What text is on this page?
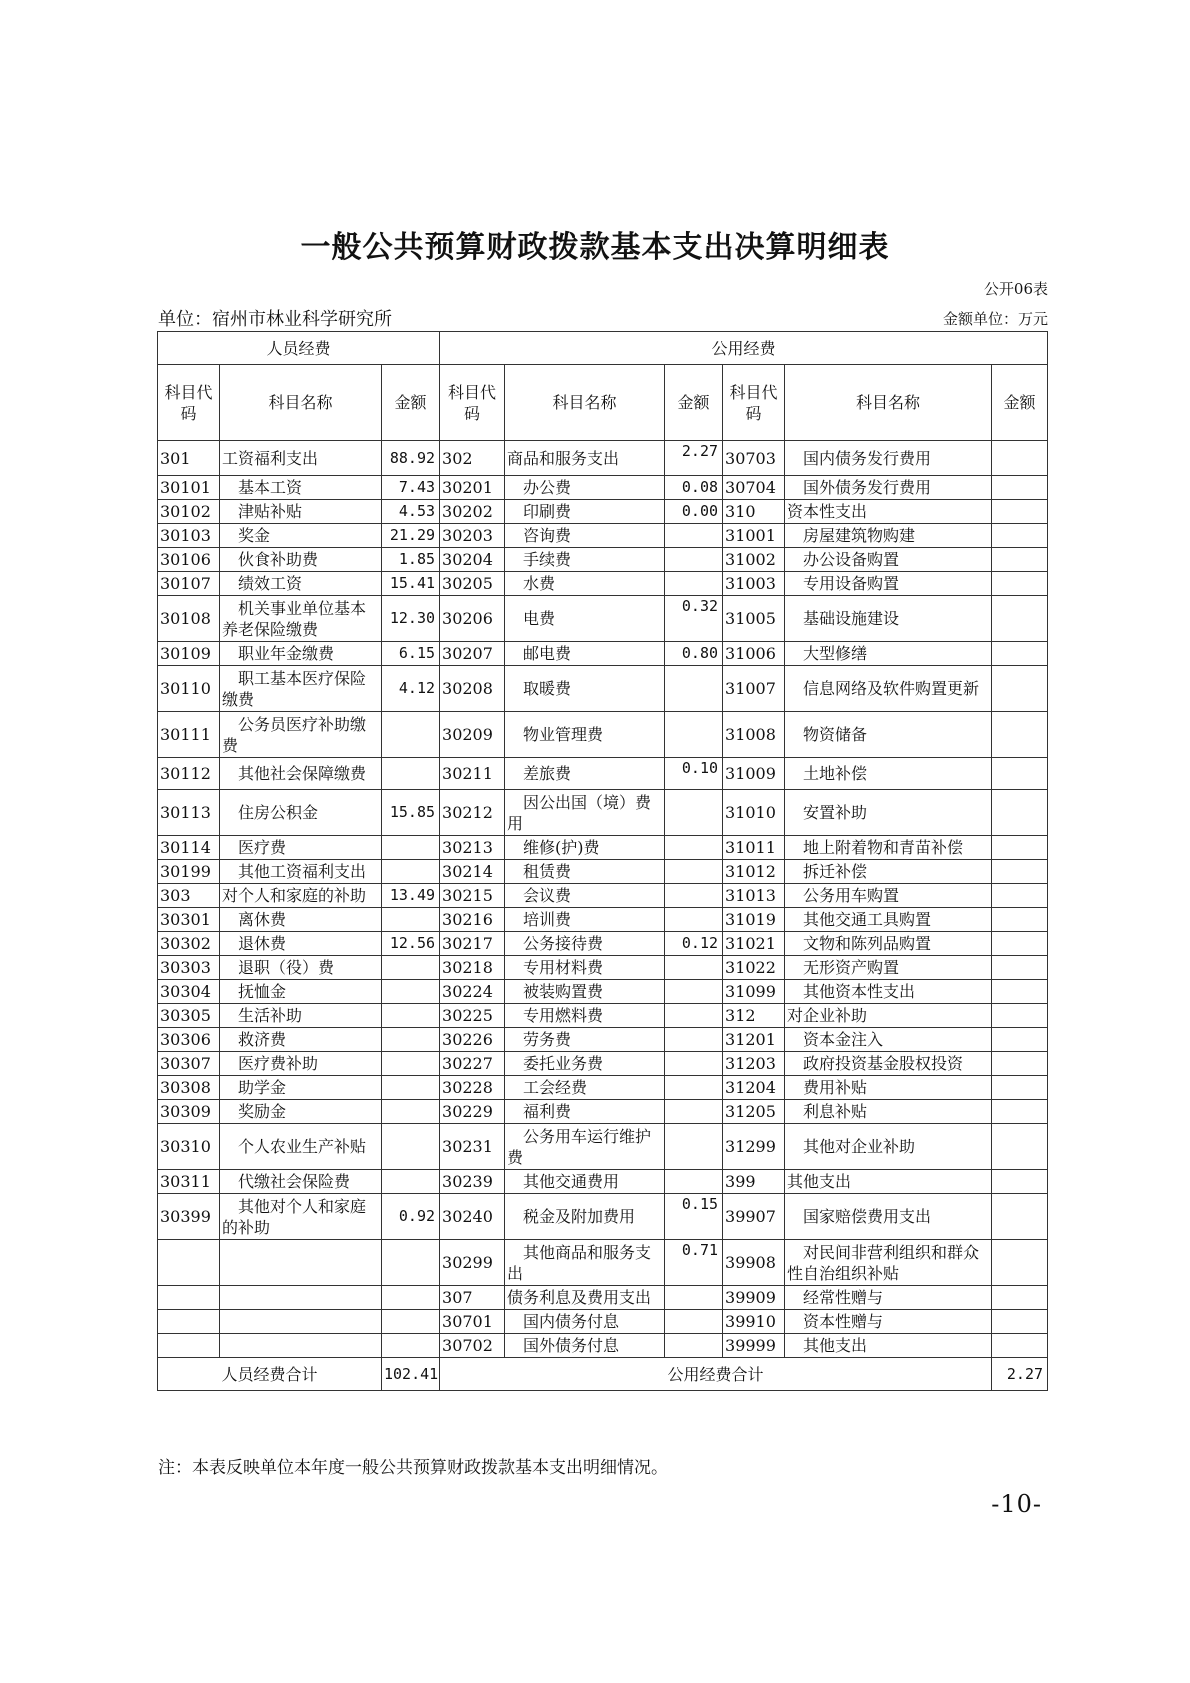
一般公共预算财政拨款基本支出决算明细表
公开06表
单位：宿州市林业科学研究所	金额单位：万元
人员经费			公用经费					
科目代码	科目名称	金额	科目代码	科目名称	金额	科目代码	科目名称	金额
301	工资福利支出	88.92	302	商品和服务支出	2.27	30703	国内债务发行费用	
30101	基本工资	7.43	30201	办公费	0.08	30704	国外债务发行费用	
30102	津贴补贴	4.53	30202	印刷费	0.00	310	资本性支出	
30103	奖金	21.29	30203	咨询费		31001	房屋建筑物购建	
30106	伙食补助费	1.85	30204	手续费		31002	办公设备购置	
30107	绩效工资	15.41	30205	水费		31003	专用设备购置	
30108	机关事业单位基本养老保险缴费	12.30	30206	电费	0.32	31005	基础设施建设	
30109	职业年金缴费	6.15	30207	邮电费	0.80	31006	大型修缮	
30110	职工基本医疗保险缴费	4.12	30208	取暖费		31007	信息网络及软件购置更新	
30111	公务员医疗补助缴费		30209	物业管理费		31008	物资储备	
30112	其他社会保障缴费		30211	差旅费	0.10	31009	土地补偿	
30113	住房公积金	15.85	30212	因公出国（境）费用		31010	安置补助	
30114	医疗费		30213	维修(护)费		31011	地上附着物和青苗补偿	
30199	其他工资福利支出		30214	租赁费		31012	拆迁补偿	
303	对个人和家庭的补助	13.49	30215	会议费		31013	公务用车购置	
30301	离休费		30216	培训费		31019	其他交通工具购置	
30302	退休费	12.56	30217	公务接待费	0.12	31021	文物和陈列品购置	
30303	退职（役）费		30218	专用材料费		31022	无形资产购置	
30304	抚恤金		30224	被装购置费		31099	其他资本性支出	
30305	生活补助		30225	专用燃料费		312	对企业补助	
30306	救济费		30226	劳务费		31201	资本金注入	
30307	医疗费补助		30227	委托业务费		31203	政府投资基金股权投资	
30308	助学金		30228	工会经费		31204	费用补贴	
30309	奖励金		30229	福利费		31205	利息补贴	
30310	个人农业生产补贴		30231	公务用车运行维护费		31299	其他对企业补助	
30311	代缴社会保险费		30239	其他交通费用		399	其他支出	
30399	其他对个人和家庭的补助	0.92	30240	税金及附加费用	0.15	39907	国家赔偿费用支出	
			30299	其他商品和服务支出	0.71	39908	对民间非营利组织和群众性自治组织补贴	
			307	债务利息及费用支出		39909	经常性赠与	
			30701	国内债务付息		39910	资本性赠与	
			30702	国外债务付息		39999	其他支出	
人员经费合计		102.41	公用经费合计					2.27
注：本表反映单位本年度一般公共预算财政拨款基本支出明细情况。
-10-
